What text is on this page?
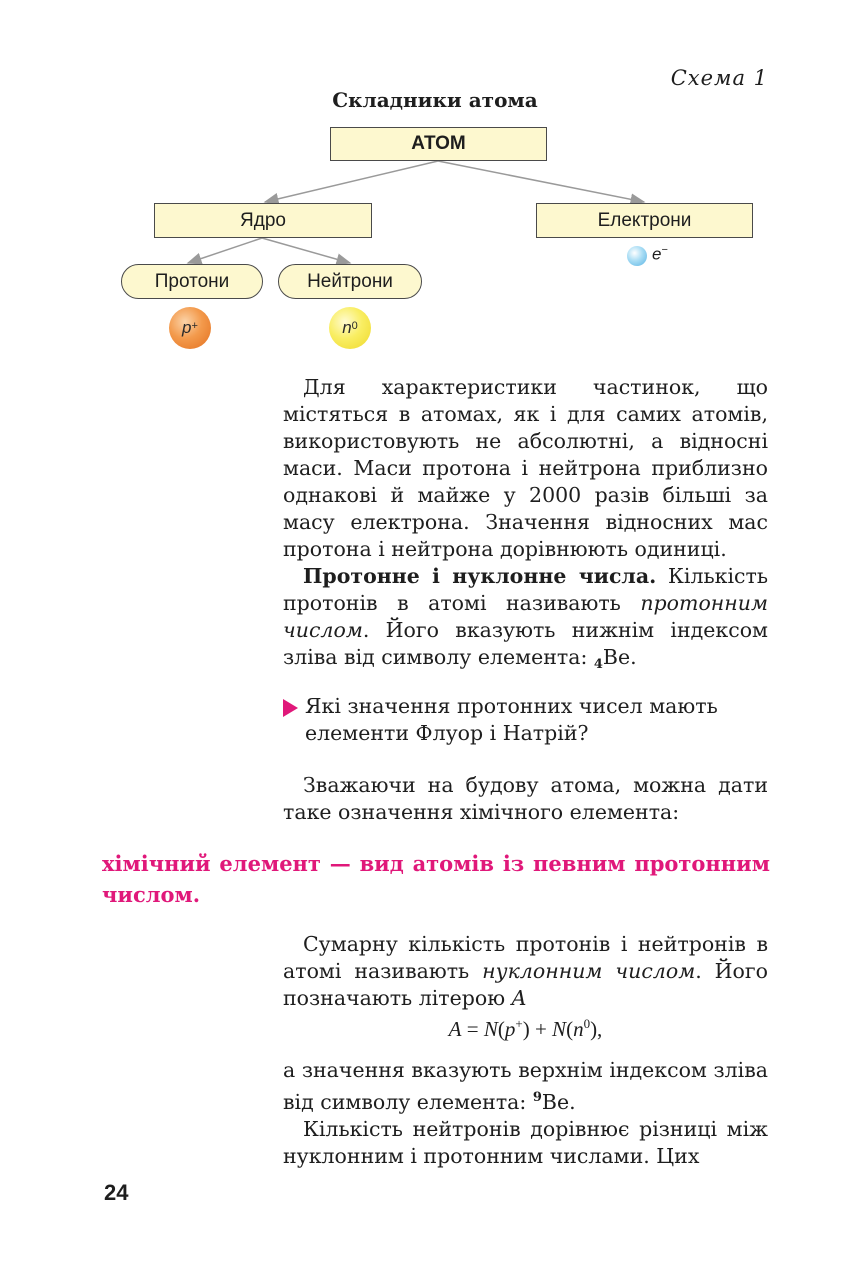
Схема 1
Складники атома
АТОМ
Ядро	Електрони
Протони	Нейтрони
p+	$n^0$
e−

Для характеристики частинок, що містяться в атомах, як і для самих атомів, використовують не абсолютні, а відносні маси. Маси протона і нейтрона приблизно однакові й майже у 2000 разів більші за масу електрона. Значення відносних мас протона і нейтрона дорівнюють одиниці.

Протонне і нуклонне числа. Кількість протонів в атомі називають протонним числом. Його вказують нижнім індексом зліва від символу елемента: $_4$Be.

Які значення протонних чисел мають елементи Флуор і Натрій?

Зважаючи на будову атома, можна дати таке означення хімічного елемента:

хімічний елемент — вид атомів із певним протонним числом.

Сумарну кількість протонів і нейтронів в атомі називають нуклонним числом. Його позначають літерою A

$A = N(p^+) + N(n^0)$,

а значення вказують верхнім індексом зліва від символу елемента: $^9$Be.

Кількість нейтронів дорівнює різниці між нуклонним і протонним числами. Цих

24
